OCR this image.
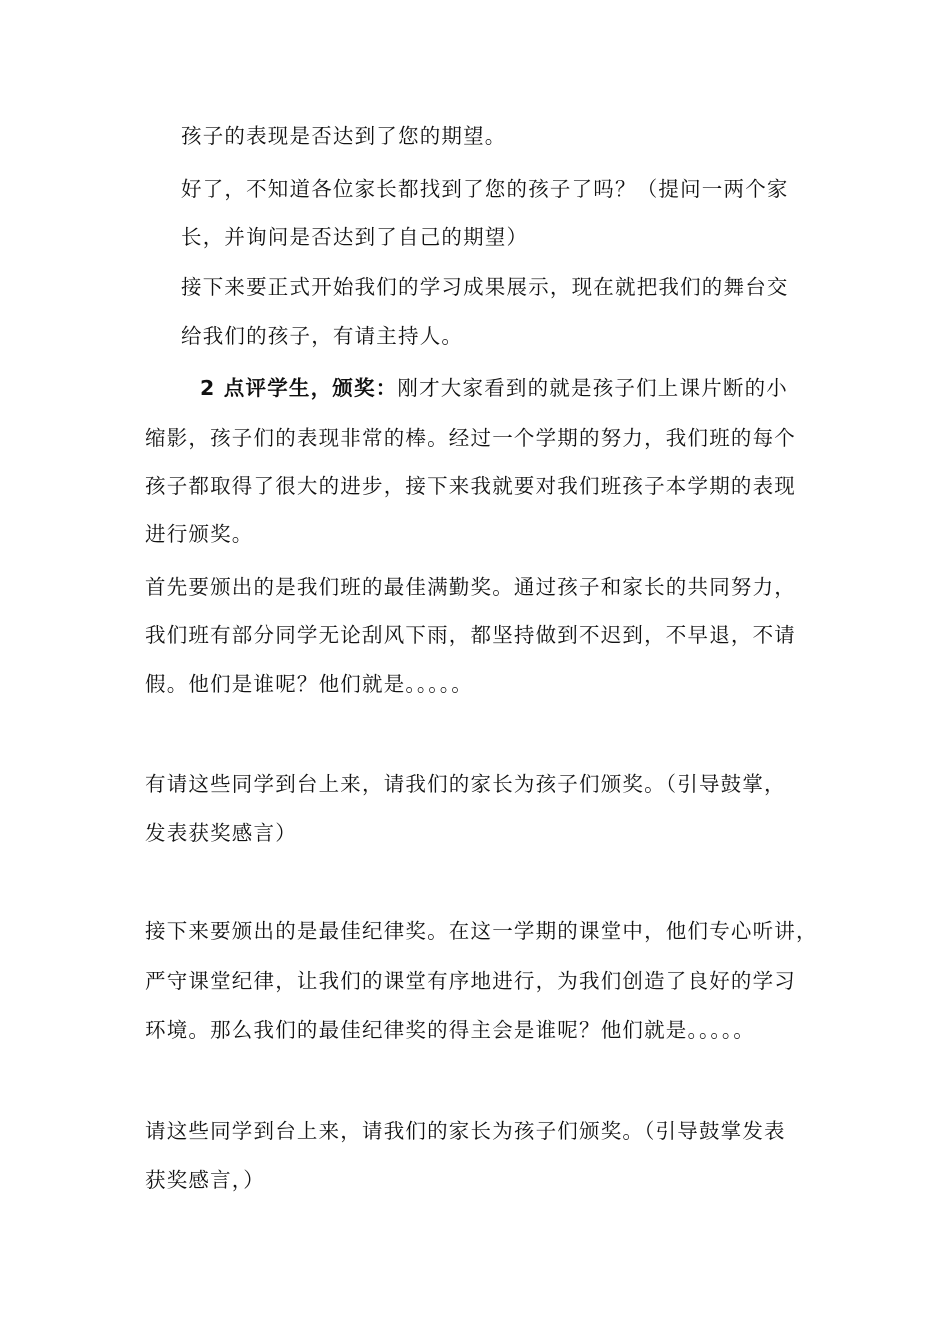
孩子的表现是否达到了您的期望。
好了，不知道各位家长都找到了您的孩子了吗？（提问一两个家
长，并询问是否达到了自己的期望）
接下来要正式开始我们的学习成果展示，现在就把我们的舞台交
给我们的孩子，有请主持人。
2 点评学生，颁奖：刚才大家看到的就是孩子们上课片断的小
缩影，孩子们的表现非常的棒。经过一个学期的努力，我们班的每个
孩子都取得了很大的进步，接下来我就要对我们班孩子本学期的表现
进行颁奖。
首先要颁出的是我们班的最佳满勤奖。通过孩子和家长的共同努力，
我们班有部分同学无论刮风下雨，都坚持做到不迟到，不早退，不请
假。他们是谁呢？他们就是。。。。。
有请这些同学到台上来，请我们的家长为孩子们颁奖。（引导鼓掌，
发表获奖感言）
接下来要颁出的是最佳纪律奖。在这一学期的课堂中，他们专心听讲，
严守课堂纪律，让我们的课堂有序地进行，为我们创造了良好的学习
环境。那么我们的最佳纪律奖的得主会是谁呢？他们就是。。。。。
请这些同学到台上来，请我们的家长为孩子们颁奖。（引导鼓掌发表
获奖感言，）
